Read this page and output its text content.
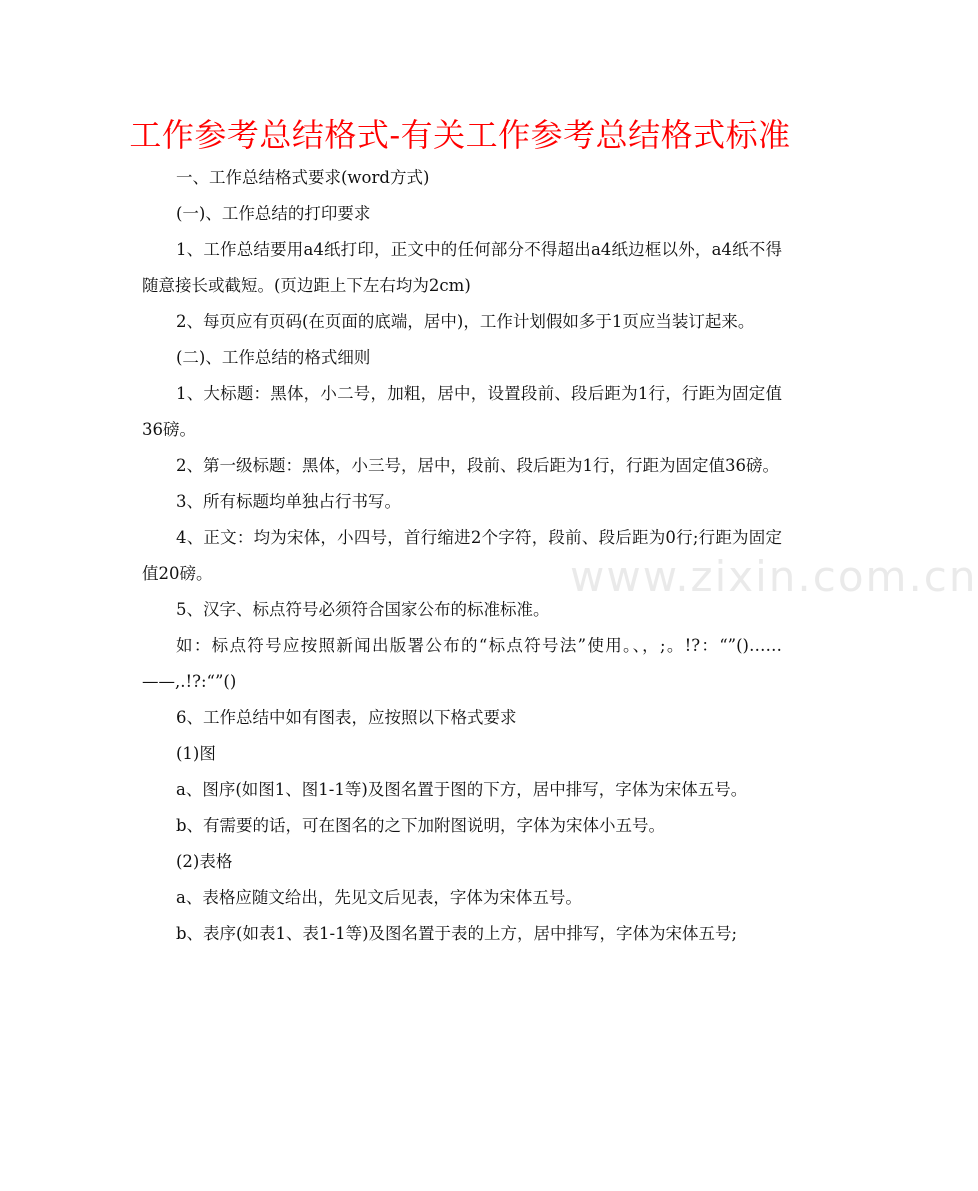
工作参考总结格式-有关工作参考总结格式标准

一、工作总结格式要求(word方式)

(一)、工作总结的打印要求

1、工作总结要用a4纸打印，正文中的任何部分不得超出a4纸边框以外，a4纸不得随意接长或截短。(页边距上下左右均为2cm)

2、每页应有页码(在页面的底端，居中)，工作计划假如多于1页应当装订起来。

(二)、工作总结的格式细则

1、大标题：黑体，小二号，加粗，居中，设置段前、段后距为1行，行距为固定值36磅。

2、第一级标题：黑体，小三号，居中，段前、段后距为1行，行距为固定值36磅。

3、所有标题均单独占行书写。

4、正文：均为宋体，小四号，首行缩进2个字符，段前、段后距为0行;行距为固定值20磅。

5、汉字、标点符号必须符合国家公布的标准标准。

如：标点符号应按照新闻出版署公布的“标点符号法”使用。、，;。!?：“”()……——,.!?:“”()

6、工作总结中如有图表，应按照以下格式要求

(1)图

a、图序(如图1、图1-1等)及图名置于图的下方，居中排写，字体为宋体五号。

b、有需要的话，可在图名的之下加附图说明，字体为宋体小五号。

(2)表格

a、表格应随文给出，先见文后见表，字体为宋体五号。

b、表序(如表1、表1-1等)及图名置于表的上方，居中排写，字体为宋体五号;

www.zixin.com.cn
